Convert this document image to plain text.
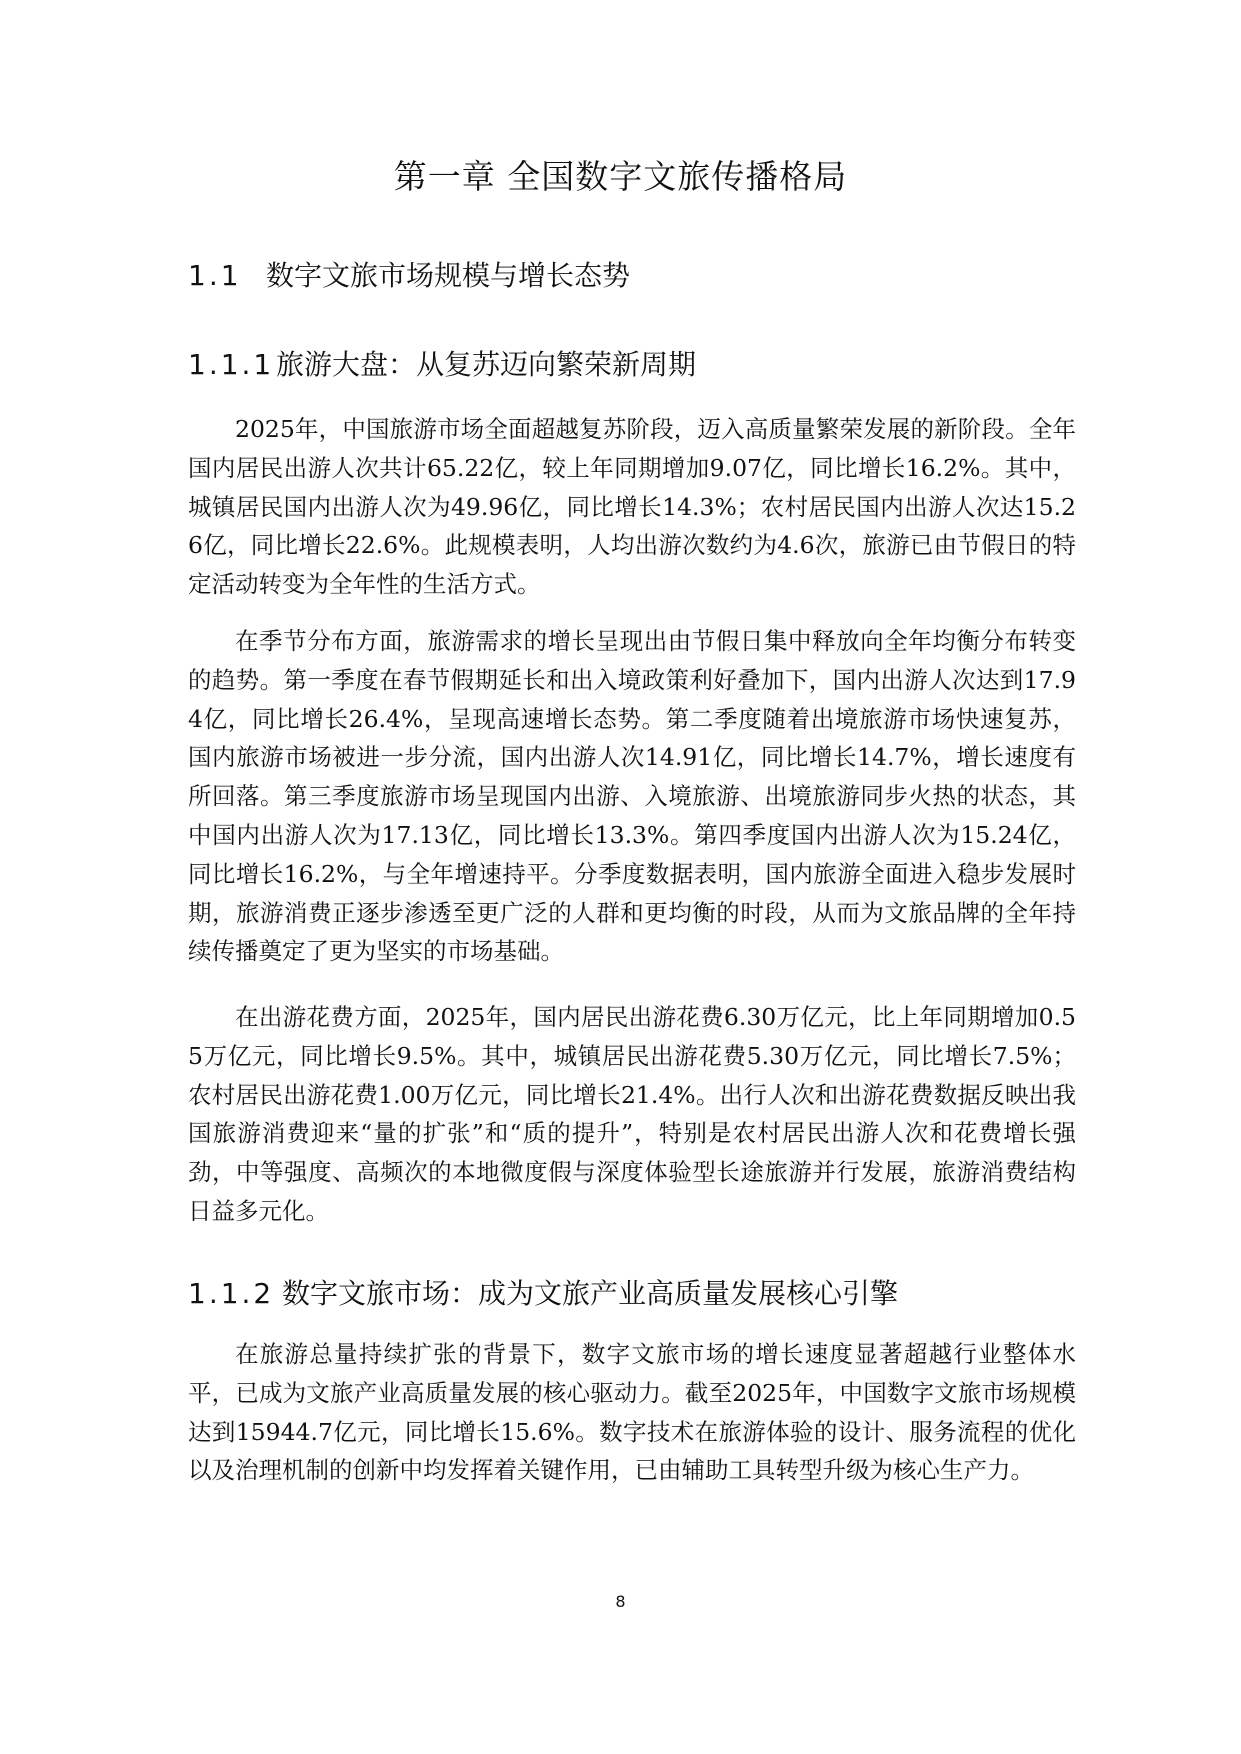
第一章 全国数字文旅传播格局
1.1 数字文旅市场规模与增长态势
1.1.1旅游大盘：从复苏迈向繁荣新周期

2025年，中国旅游市场全面超越复苏阶段，迈入高质量繁荣发展的新阶段。全年国内居民出游人次共计65.22亿，较上年同期增加9.07亿，同比增长16.2%。其中，城镇居民国内出游人次为49.96亿，同比增长14.3%；农村居民国内出游人次达15.26亿，同比增长22.6%。此规模表明，人均出游次数约为4.6次，旅游已由节假日的特定活动转变为全年性的生活方式。

在季节分布方面，旅游需求的增长呈现出由节假日集中释放向全年均衡分布转变的趋势。第一季度在春节假期延长和出入境政策利好叠加下，国内出游人次达到17.94亿，同比增长26.4%，呈现高速增长态势。第二季度随着出境旅游市场快速复苏，国内旅游市场被进一步分流，国内出游人次14.91亿，同比增长14.7%，增长速度有所回落。第三季度旅游市场呈现国内出游、入境旅游、出境旅游同步火热的状态，其中国内出游人次为17.13亿，同比增长13.3%。第四季度国内出游人次为15.24亿，同比增长16.2%，与全年增速持平。分季度数据表明，国内旅游全面进入稳步发展时期，旅游消费正逐步渗透至更广泛的人群和更均衡的时段，从而为文旅品牌的全年持续传播奠定了更为坚实的市场基础。

在出游花费方面，2025年，国内居民出游花费6.30万亿元，比上年同期增加0.55万亿元，同比增长9.5%。其中，城镇居民出游花费5.30万亿元，同比增长7.5%；农村居民出游花费1.00万亿元，同比增长21.4%。出行人次和出游花费数据反映出我国旅游消费迎来“量的扩张”和“质的提升”，特别是农村居民出游人次和花费增长强劲，中等强度、高频次的本地微度假与深度体验型长途旅游并行发展，旅游消费结构日益多元化。

1.1.2 数字文旅市场：成为文旅产业高质量发展核心引擎

在旅游总量持续扩张的背景下，数字文旅市场的增长速度显著超越行业整体水平，已成为文旅产业高质量发展的核心驱动力。截至2025年，中国数字文旅市场规模达到15944.7亿元，同比增长15.6%。数字技术在旅游体验的设计、服务流程的优化以及治理机制的创新中均发挥着关键作用，已由辅助工具转型升级为核心生产力。

8
